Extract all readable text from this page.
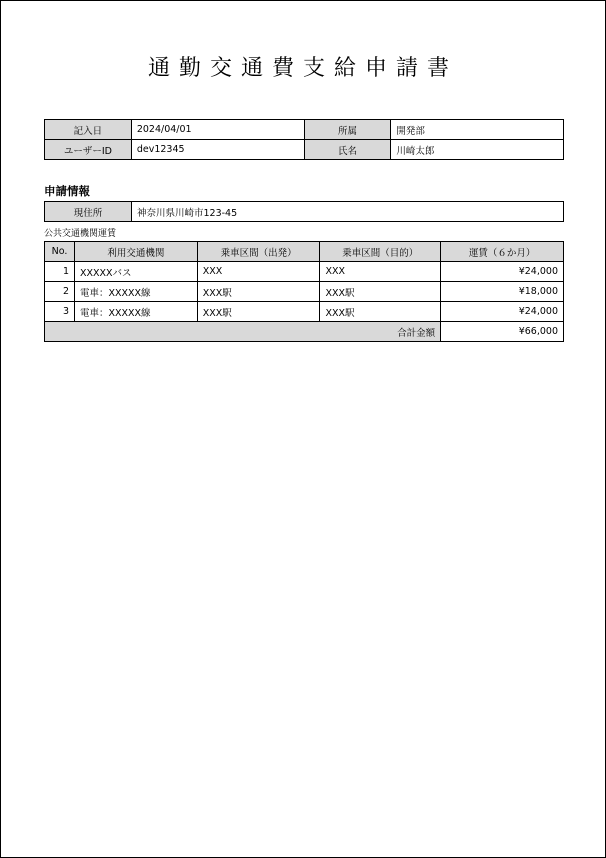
通勤交通費支給申請書
記入日	2024/04/01	所属	開発部
ユーザーID	dev12345	氏名	川崎太郎
申請情報
現住所	神奈川県川崎市123-45
公共交通機関運賃
No.	利用交通機関	乗車区間（出発）	乗車区間（目的）	運賃（６か月）
1	XXXXXバス	XXX	XXX	¥24,000
2	電車：XXXXX線	XXX駅	XXX駅	¥18,000
3	電車：XXXXX線	XXX駅	XXX駅	¥24,000
合計金額				¥66,000
